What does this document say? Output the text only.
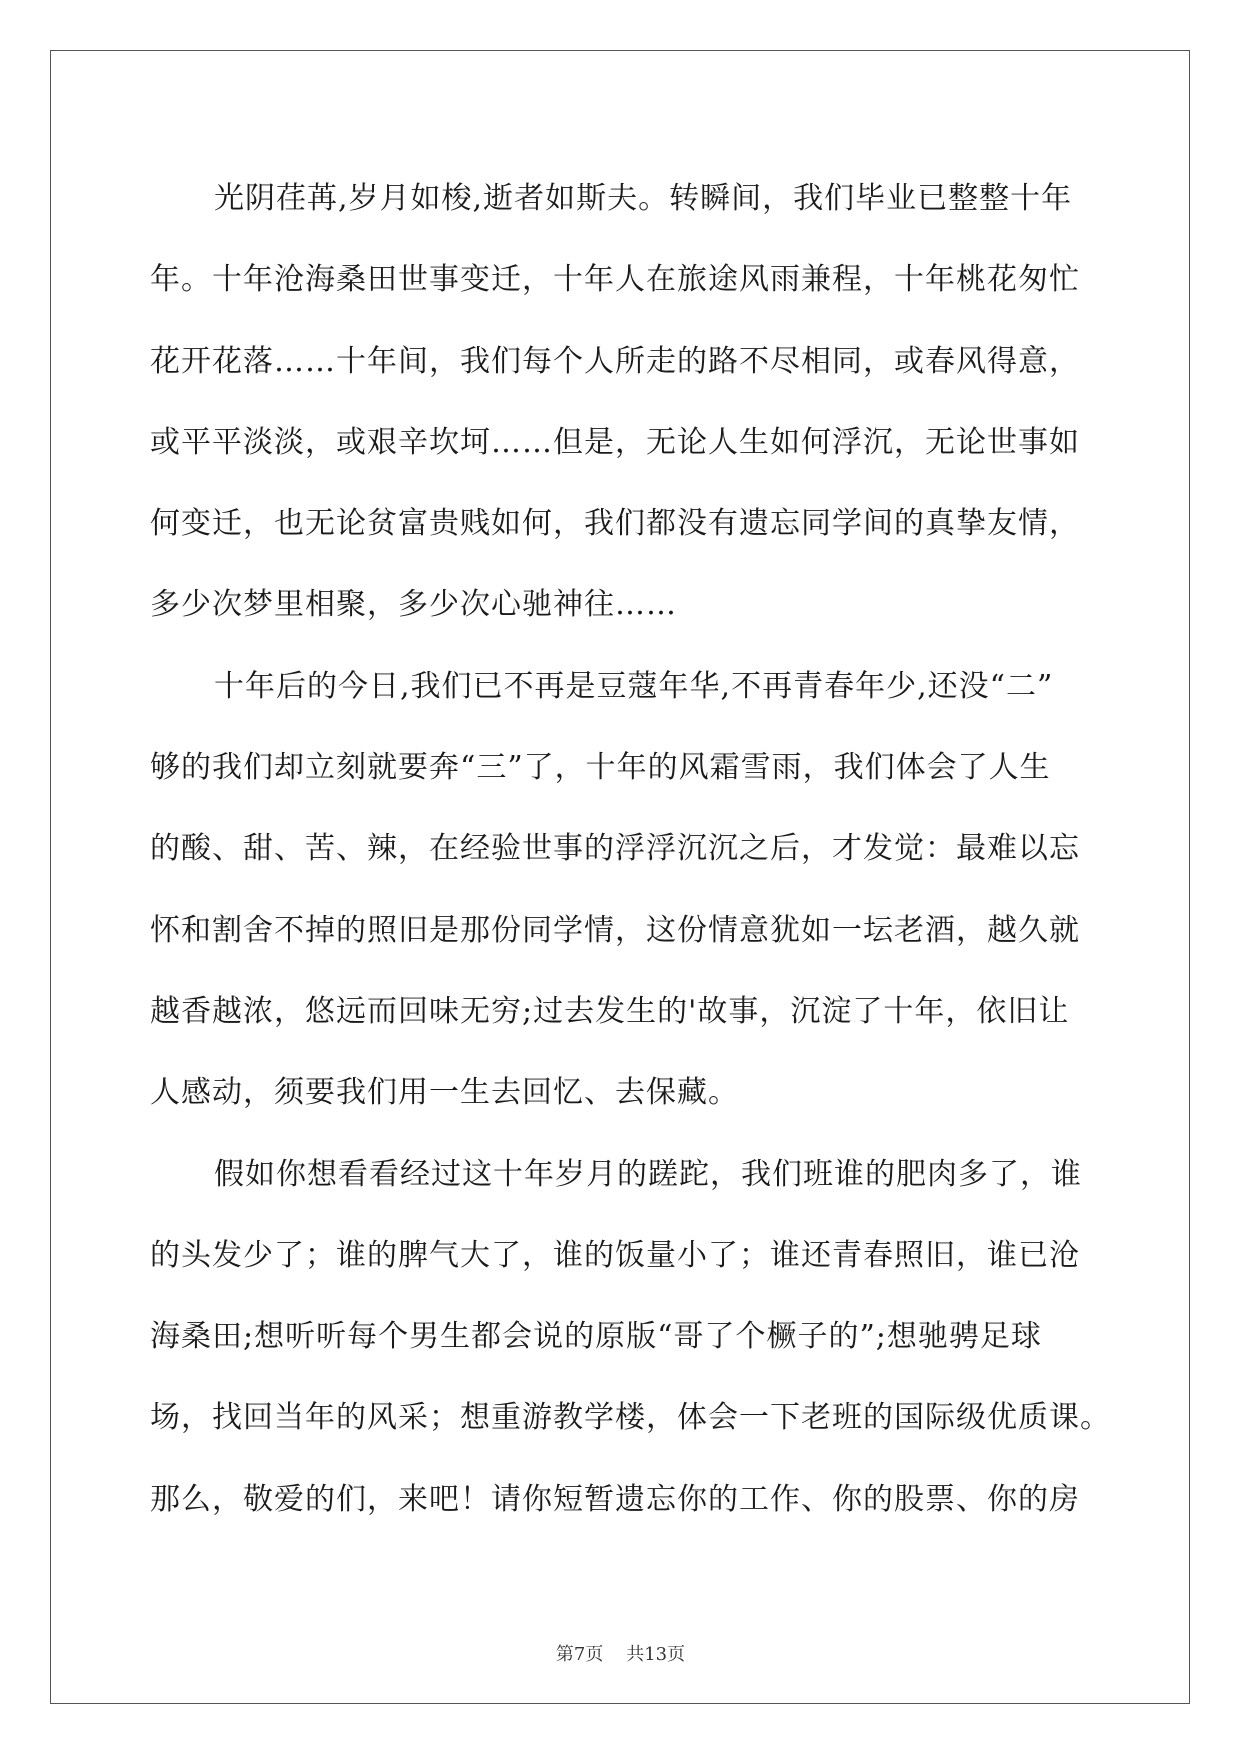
光阴荏苒,岁月如梭,逝者如斯夫。转瞬间，我们毕业已整整十年
年。十年沧海桑田世事变迁，十年人在旅途风雨兼程，十年桃花匆忙
花开花落……十年间，我们每个人所走的路不尽相同，或春风得意，
或平平淡淡，或艰辛坎坷……但是，无论人生如何浮沉，无论世事如
何变迁，也无论贫富贵贱如何，我们都没有遗忘同学间的真挚友情，
多少次梦里相聚，多少次心驰神往……
十年后的今日,我们已不再是豆蔻年华,不再青春年少,还没“二”
够的我们却立刻就要奔“三”了，十年的风霜雪雨，我们体会了人生
的酸、甜、苦、辣，在经验世事的浮浮沉沉之后，才发觉：最难以忘
怀和割舍不掉的照旧是那份同学情，这份情意犹如一坛老酒，越久就
越香越浓，悠远而回味无穷;过去发生的'故事，沉淀了十年，依旧让
人感动，须要我们用一生去回忆、去保藏。
假如你想看看经过这十年岁月的蹉跎，我们班谁的肥肉多了，谁
的头发少了；谁的脾气大了，谁的饭量小了；谁还青春照旧，谁已沧
海桑田;想听听每个男生都会说的原版“哥了个橛子的”;想驰骋足球
场，找回当年的风采；想重游教学楼，体会一下老班的国际级优质课。
那么，敬爱的们，来吧！请你短暂遗忘你的工作、你的股票、你的房
第7页 共13页
